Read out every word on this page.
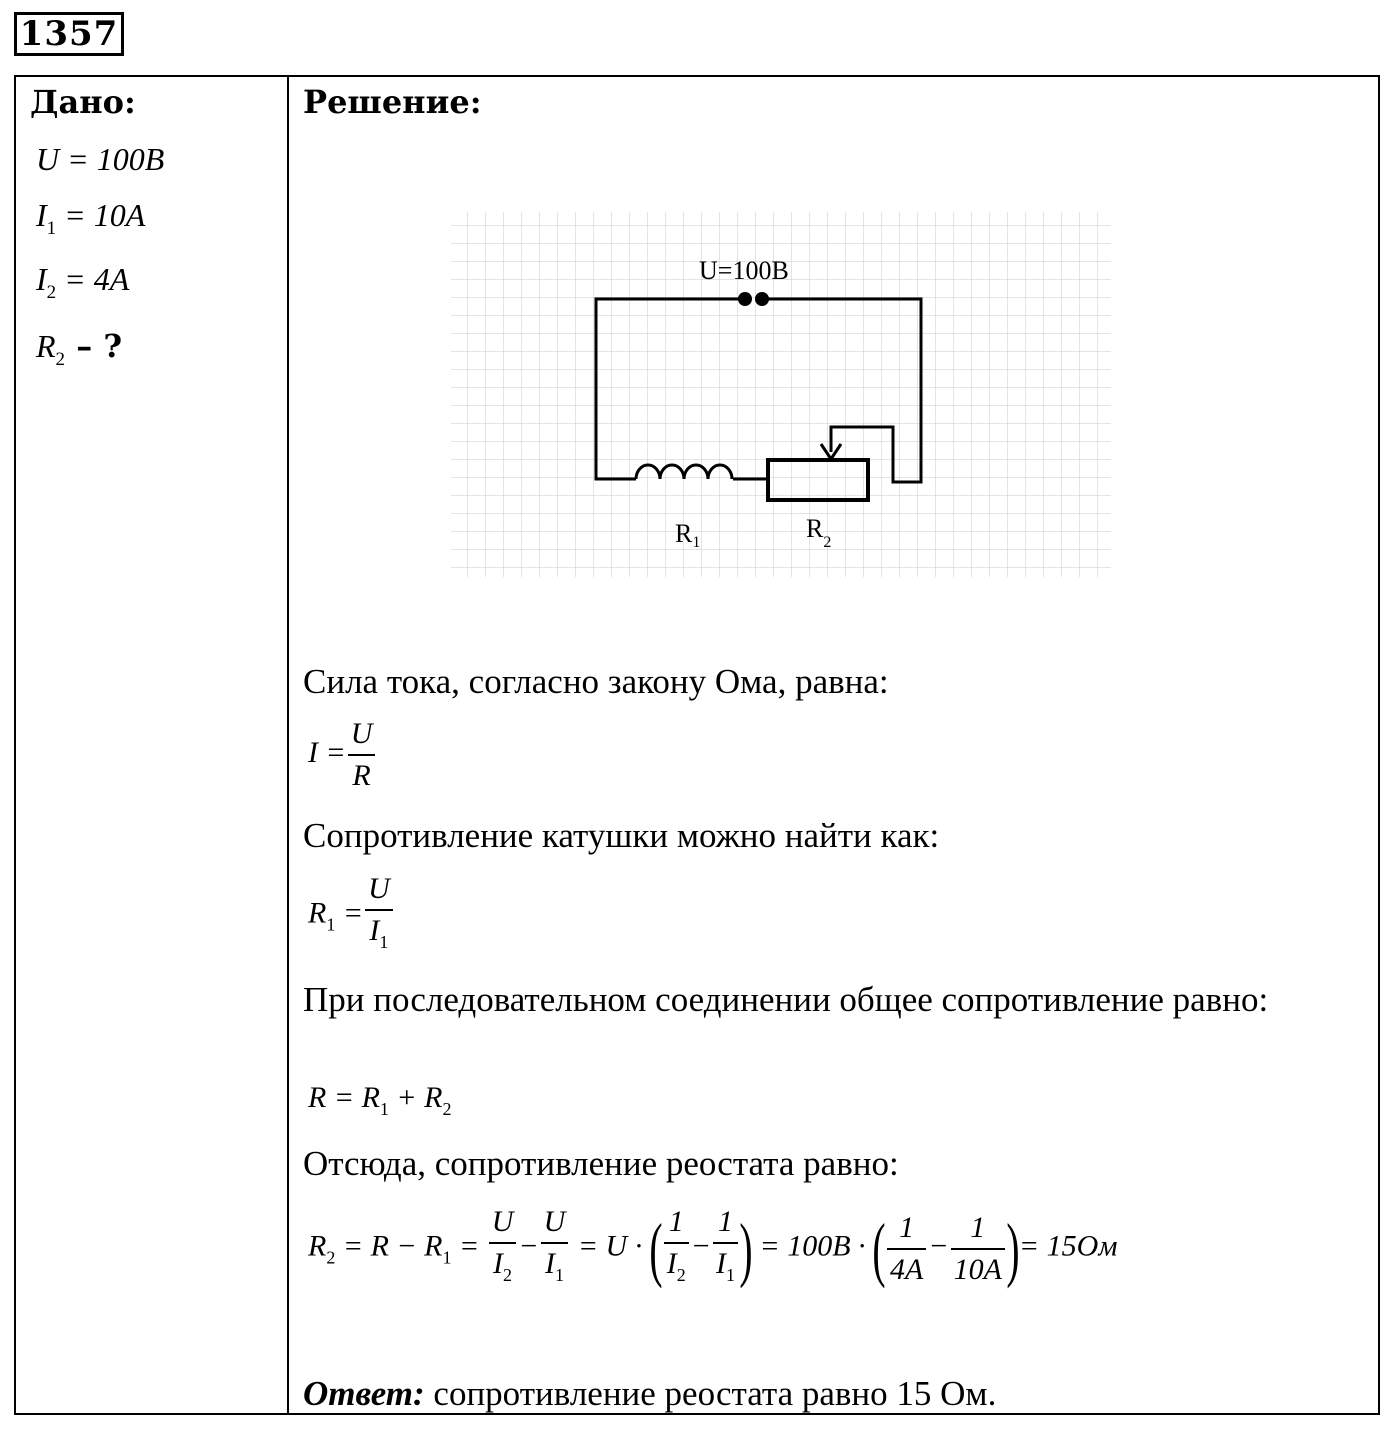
1357
Дано:
U = 100B
$I_1 = 10A$
$I_2 = 4A$
$R_2$ – ?
Решение:
U=100В
R1	$R_2$
Сила тока, согласно закону Ома, равна:
$I = \frac{U}{R}$
Сопротивление катушки можно найти как:
$R_1 = \frac{U}{I_1}$
При последовательном соединении общее сопротивление равно:
$R = R_1 + R_2$
Отсюда, сопротивление реостата равно:
$R_2 = R - R_1 = \frac{U}{I_2} - \frac{U}{I_1} = U$ · ( $\frac{1}{I_2} - \frac{1}{I_1}$ ) = 100B · ( $\frac{1}{4A} - \frac{1}{10A}$ )= 15Ом
Ответ: сопротивление реостата равно 15 Ом.
